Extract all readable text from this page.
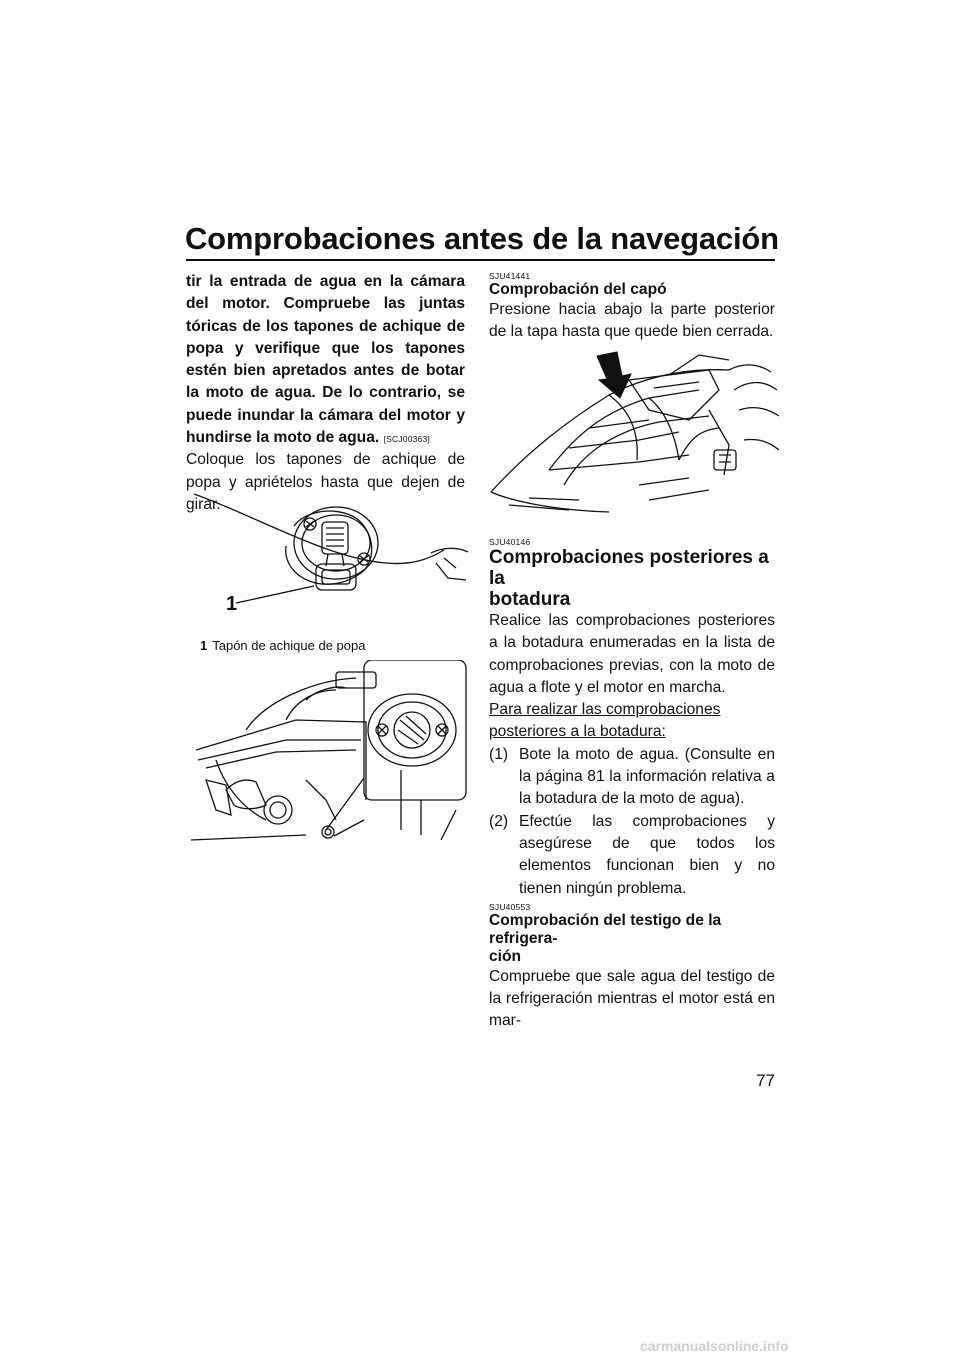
Comprobaciones antes de la navegación
tir la entrada de agua en la cámara del motor. Compruebe las juntas tóricas de los tapones de achique de popa y verifique que los tapones estén bien apretados antes de botar la moto de agua. De lo contrario, se puede inundar la cámara del motor y hundirse la moto de agua. [SCJ00363]
Coloque los tapones de achique de popa y apriételos hasta que dejen de girar.
1
1 Tapón de achique de popa
SJU41441
Comprobación del capó
Presione hacia abajo la parte posterior de la tapa hasta que quede bien cerrada.
SJU40146
Comprobaciones posteriores a la
botadura
Realice las comprobaciones posteriores a la botadura enumeradas en la lista de comprobaciones previas, con la moto de agua a flote y el motor en marcha.
Para realizar las comprobaciones posteriores a la botadura:
(1) Bote la moto de agua. (Consulte en la página 81 la información relativa a la botadura de la moto de agua).
(2) Efectúe las comprobaciones y asegúrese de que todos los elementos funcionan bien y no tienen ningún problema.
SJU40553
Comprobación del testigo de la refrigera-
ción
Compruebe que sale agua del testigo de la refrigeración mientras el motor está en mar-
77
carmanualsonline.info
